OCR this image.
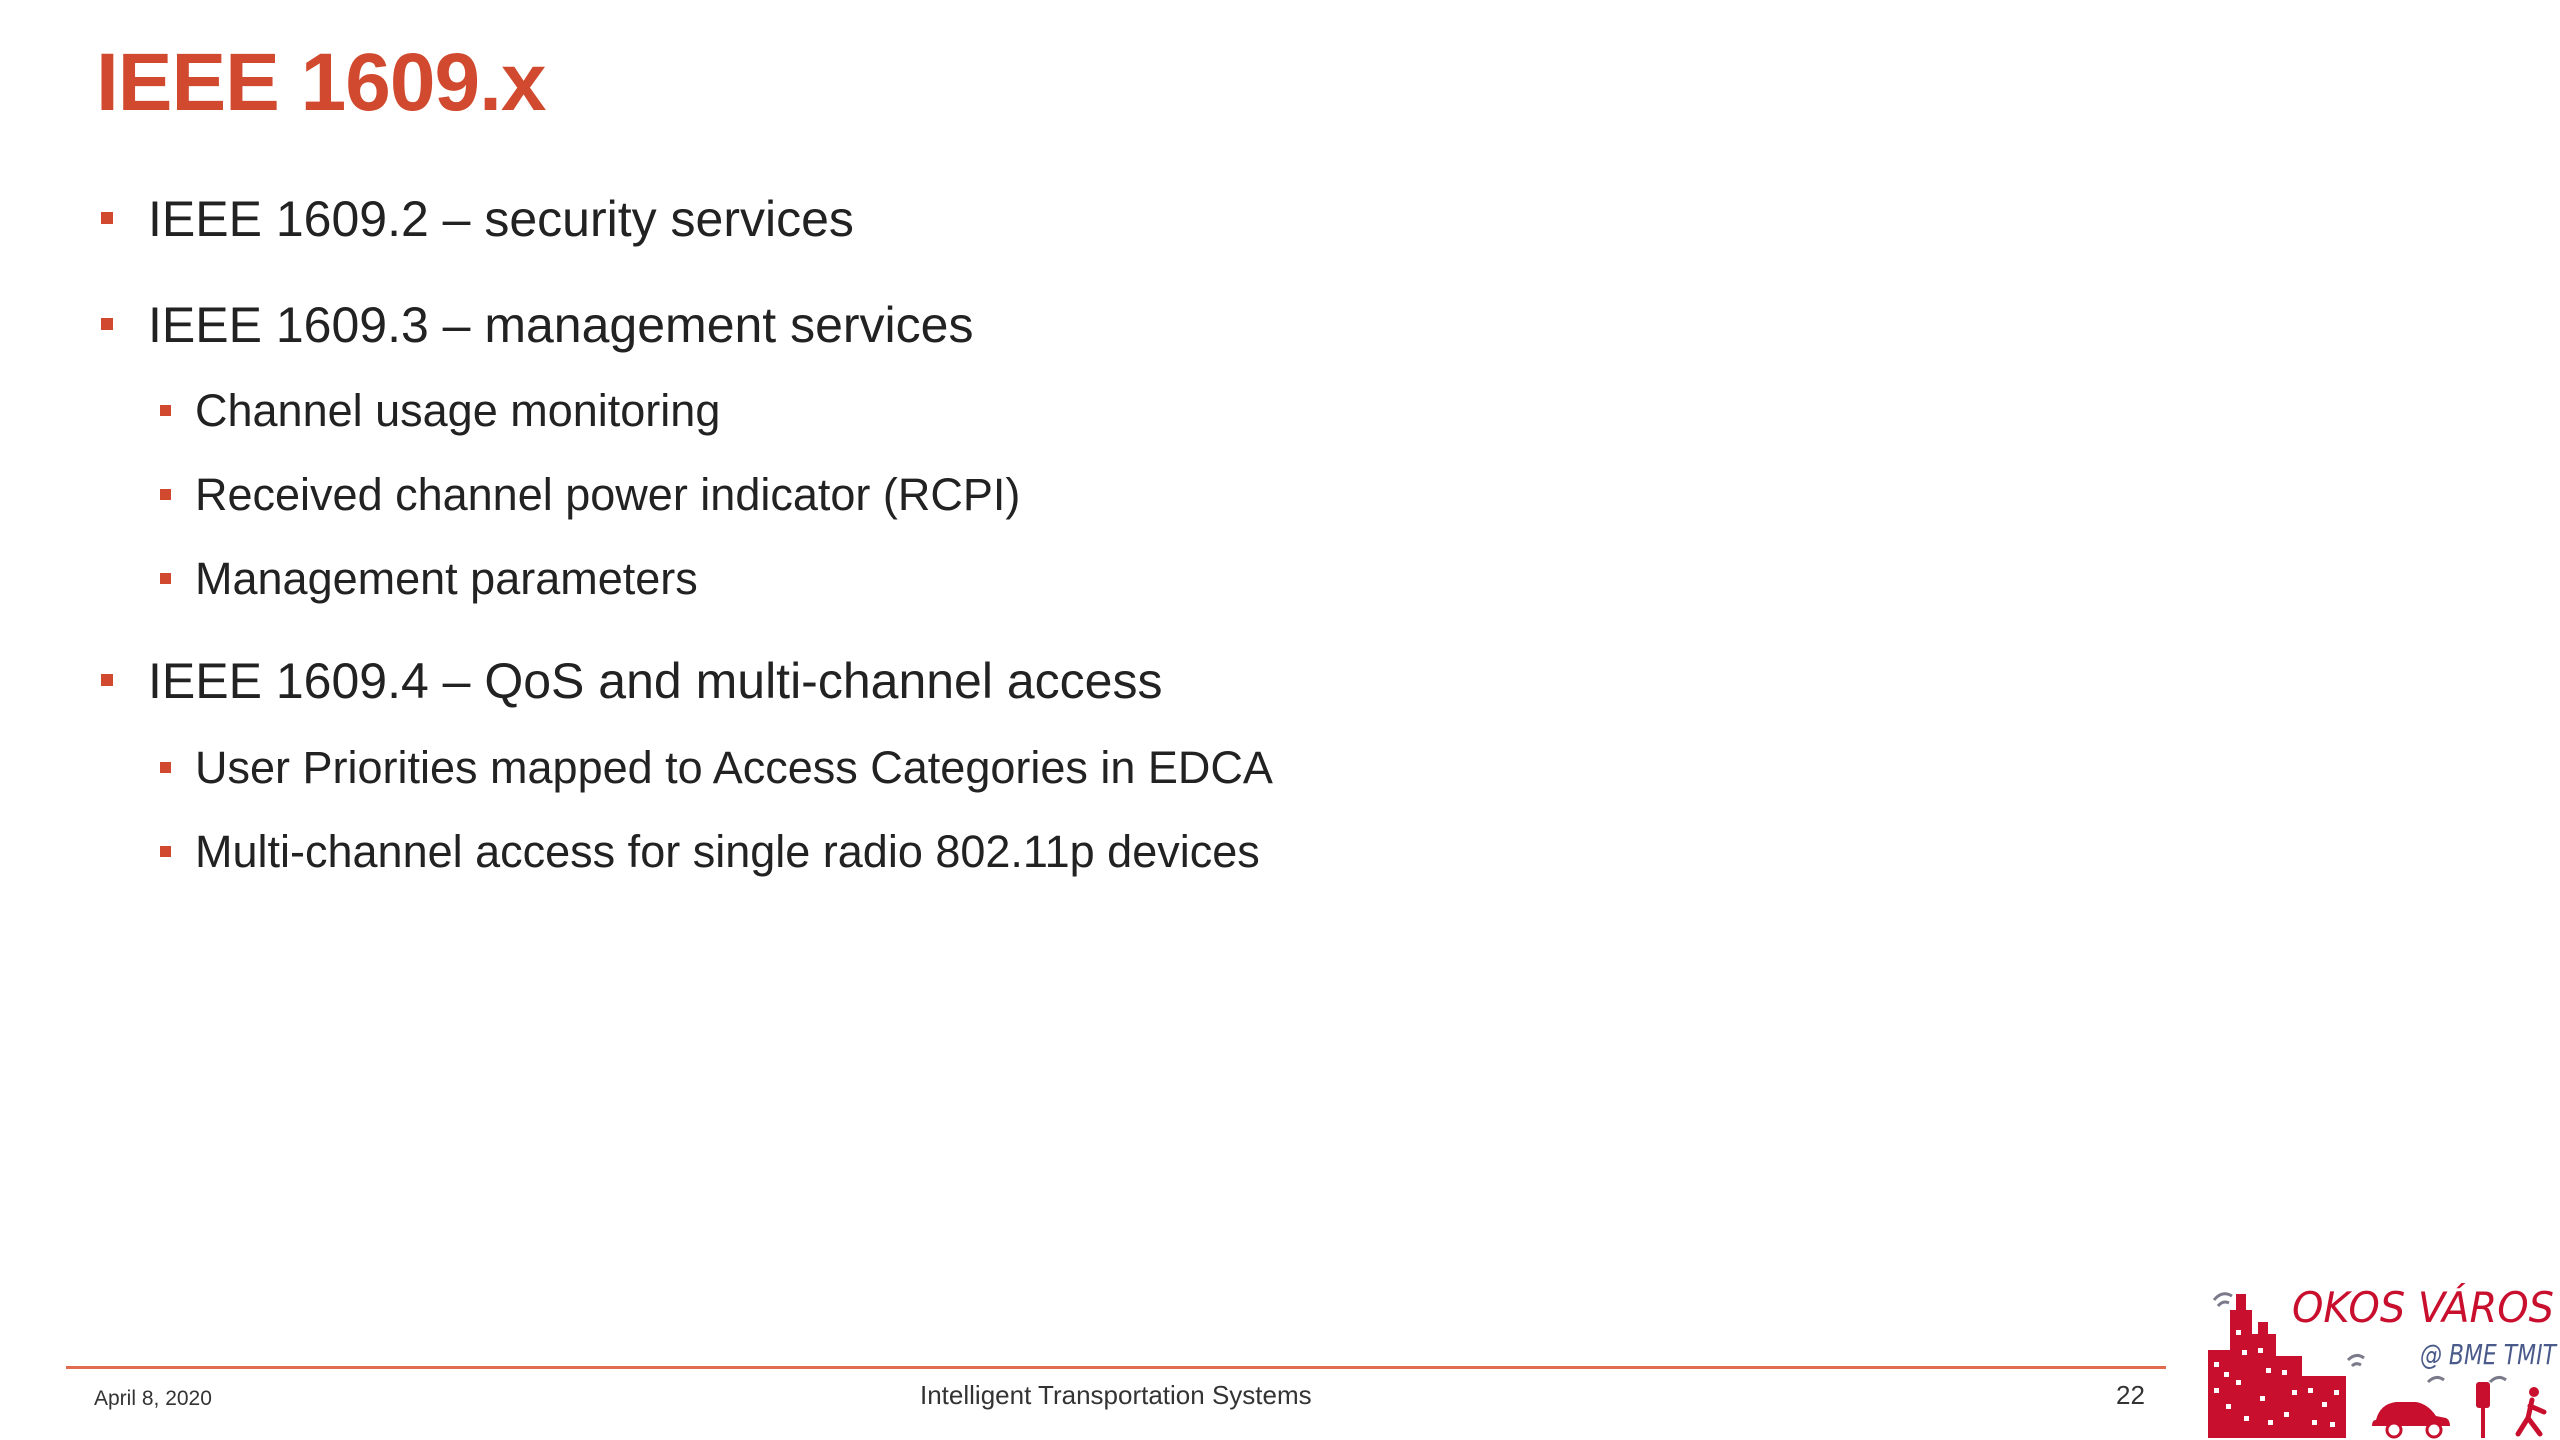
IEEE 1609.x
IEEE 1609.2 – security services
IEEE 1609.3 – management services
Channel usage monitoring
Received channel power indicator (RCPI)
Management parameters
IEEE 1609.4 – QoS and multi-channel access
User Priorities mapped to Access Categories in EDCA
Multi-channel access for single radio 802.11p devices
April 8, 2020	Intelligent Transportation Systems	22
OKOS VÁROS
@ BME TMIT
